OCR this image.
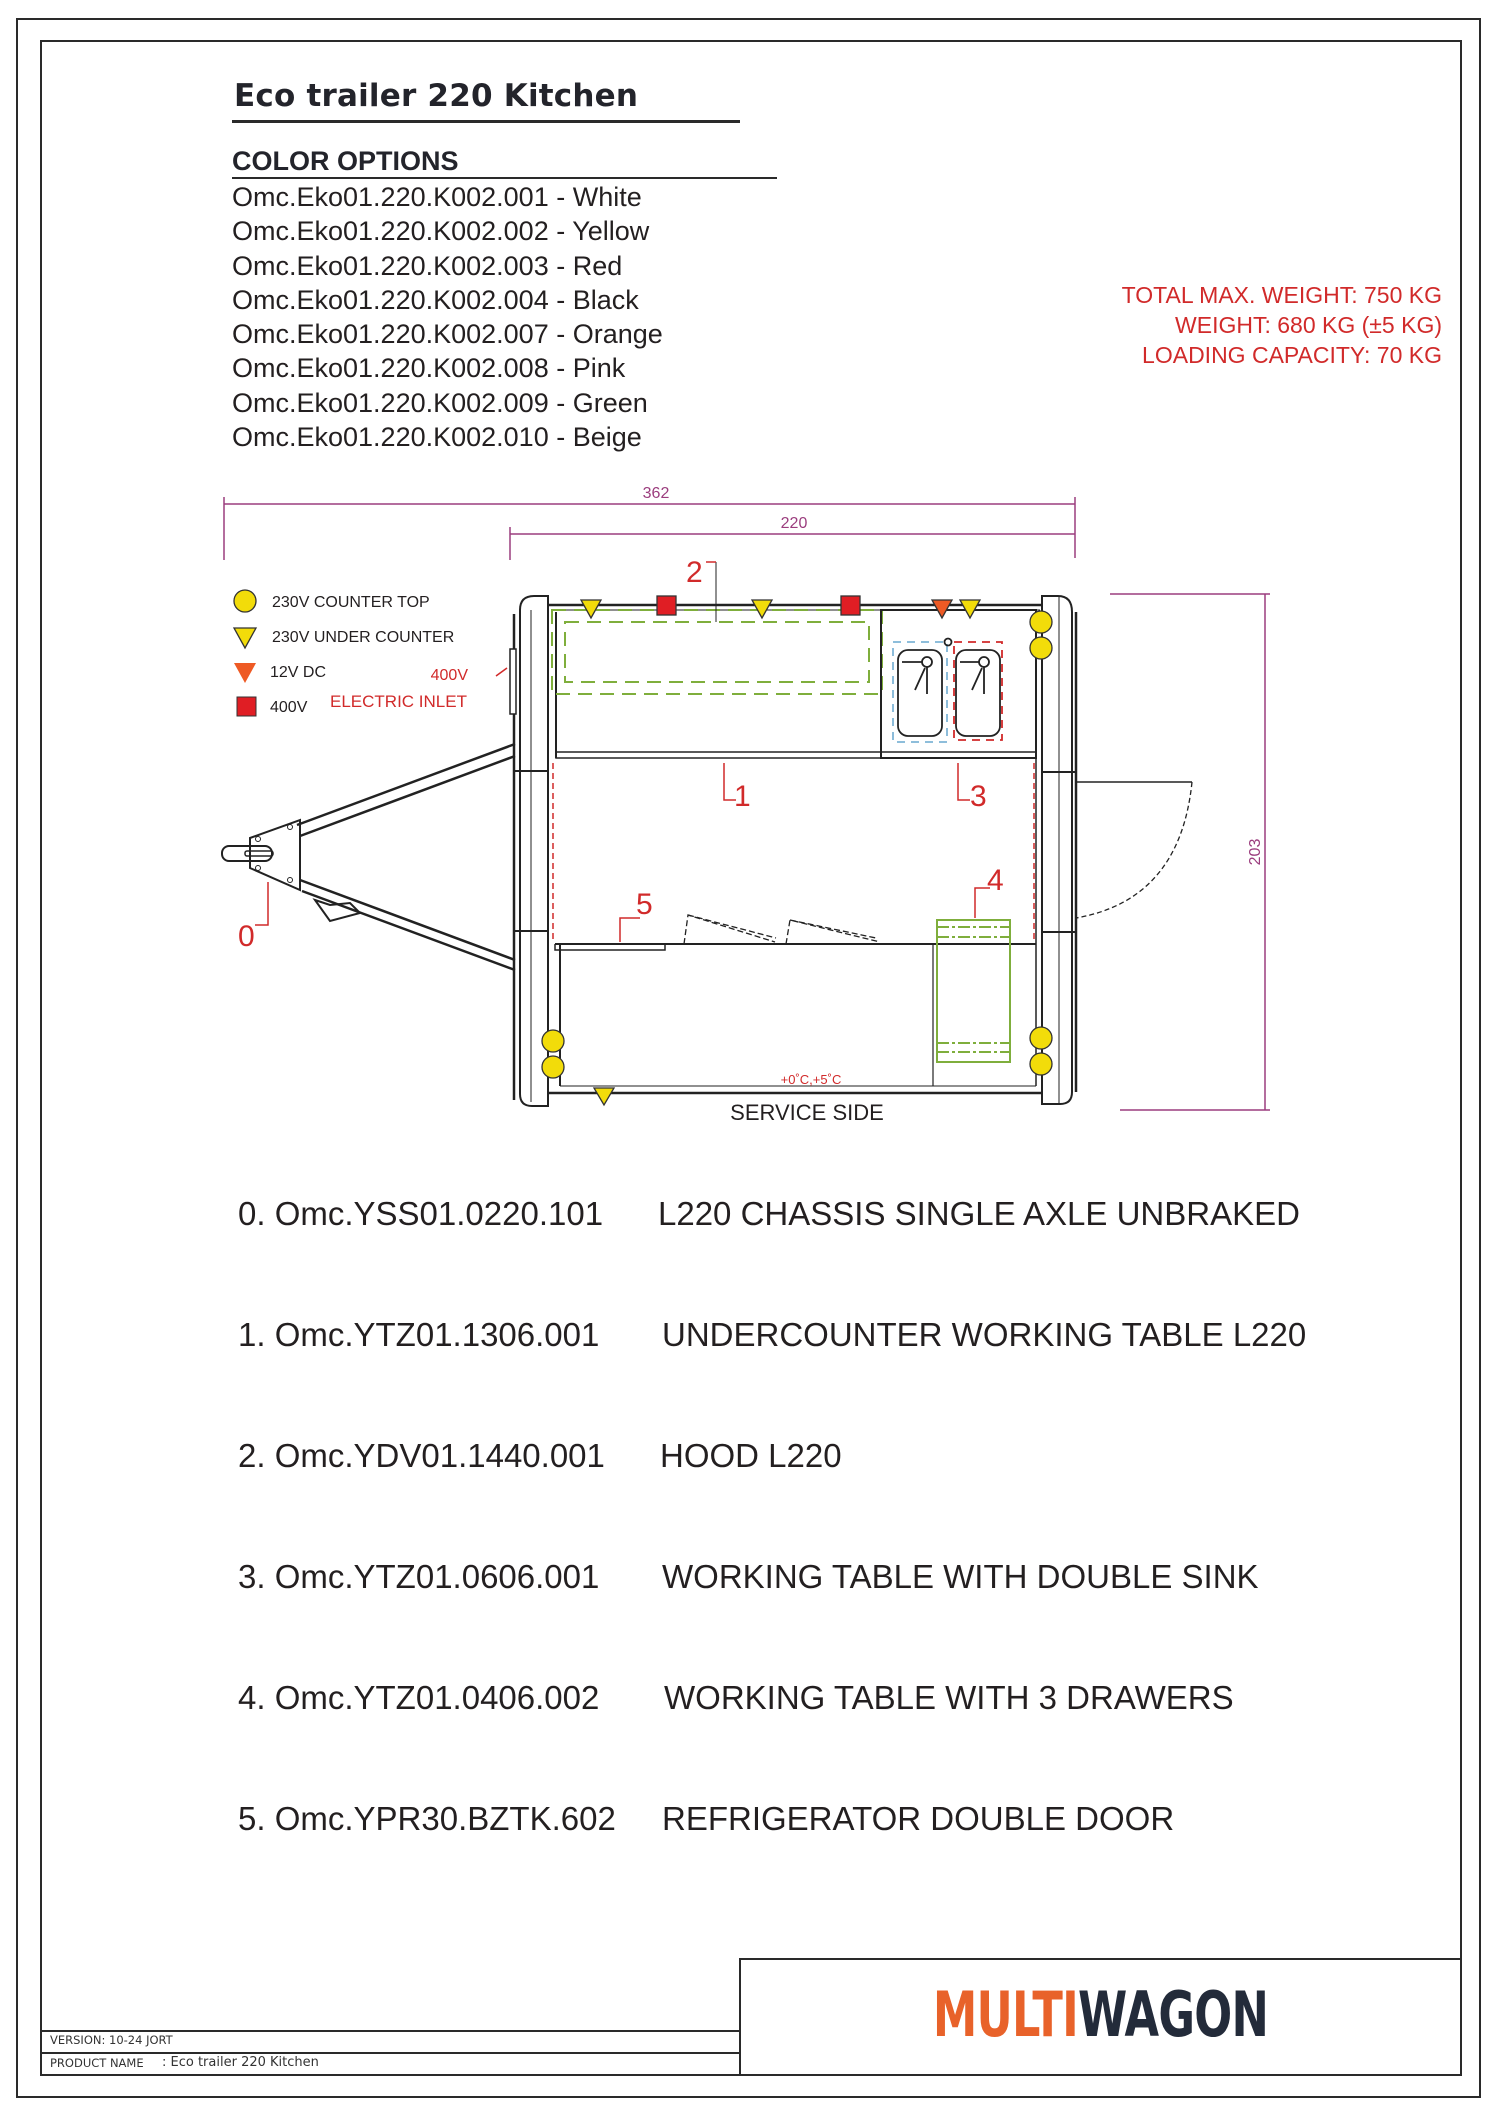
Eco trailer 220 Kitchen
COLOR OPTIONS
Omc.Eko01.220.K002.001 - White
Omc.Eko01.220.K002.002 - Yellow
Omc.Eko01.220.K002.003 - Red
Omc.Eko01.220.K002.004 - Black
Omc.Eko01.220.K002.007 - Orange
Omc.Eko01.220.K002.008 - Pink
Omc.Eko01.220.K002.009 - Green
Omc.Eko01.220.K002.010 - Beige
TOTAL MAX. WEIGHT: 750 KG
WEIGHT: 680 KG (±5 KG)
LOADING CAPACITY: 70 KG
362
220
203
0
2
3
1
+0˚C,+5˚C
5
4
SERVICE SIDE
400V
230V COUNTER TOP
230V UNDER COUNTER
12V DC
400V ELECTRIC INLET
0. Omc.YSS01.0220.101 L220 CHASSIS SINGLE AXLE UNBRAKED
1. Omc.YTZ01.1306.001 UNDERCOUNTER WORKING TABLE L220
2. Omc.YDV01.1440.001 HOOD L220
3. Omc.YTZ01.0606.001 WORKING TABLE WITH DOUBLE SINK
4. Omc.YTZ01.0406.002 WORKING TABLE WITH 3 DRAWERS
5. Omc.YPR30.BZTK.602 REFRIGERATOR DOUBLE DOOR
VERSION: 10-24 JORT
PRODUCT NAME : Eco trailer 220 Kitchen
MULTIWAGON
